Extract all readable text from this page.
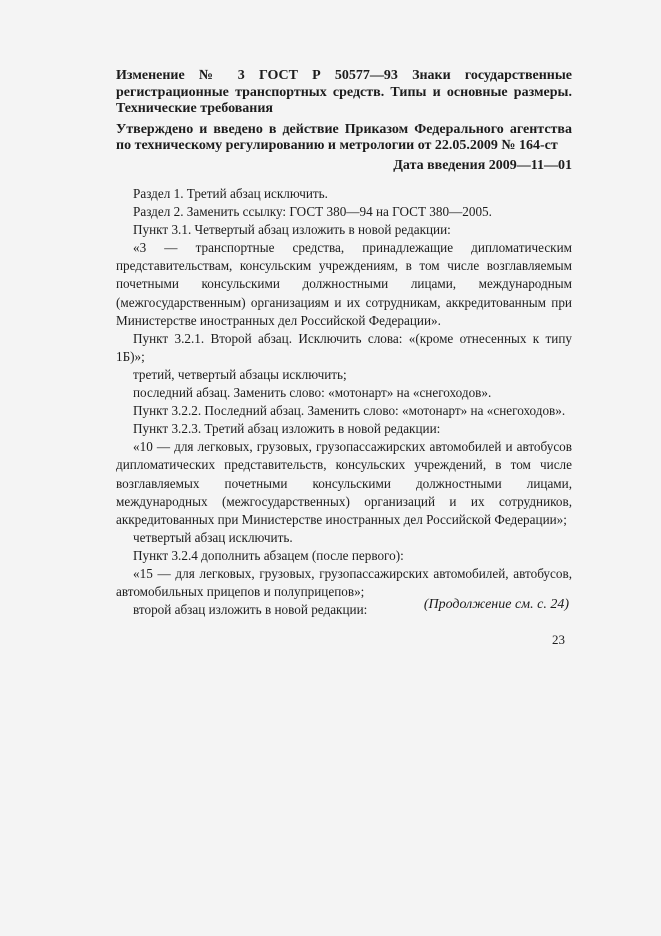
Изменение № 3 ГОСТ Р 50577—93 Знаки государственные регистрационные транспортных средств. Типы и основные размеры. Технические требования

Утверждено и введено в действие Приказом Федерального агентства по техническому регулированию и метрологии от 22.05.2009 № 164-ст

Дата введения 2009—11—01

Раздел 1. Третий абзац исключить.

Раздел 2. Заменить ссылку: ГОСТ 380—94 на ГОСТ 380—2005.

Пункт 3.1. Четвертый абзац изложить в новой редакции:

«3 — транспортные средства, принадлежащие дипломатическим представительствам, консульским учреждениям, в том числе возглавляемым почетными консульскими должностными лицами, международным (межгосударственным) организациям и их сотрудникам, аккредитованным при Министерстве иностранных дел Российской Федерации».

Пункт 3.2.1. Второй абзац. Исключить слова: «(кроме отнесенных к типу 1Б)»;

третий, четвертый абзацы исключить;

последний абзац. Заменить слово: «мотонарт» на «снегоходов».

Пункт 3.2.2. Последний абзац. Заменить слово: «мотонарт» на «снегоходов».

Пункт 3.2.3. Третий абзац изложить в новой редакции:

«10 — для легковых, грузовых, грузопассажирских автомобилей и автобусов дипломатических представительств, консульских учреждений, в том числе возглавляемых почетными консульскими должностными лицами, международных (межгосударственных) организаций и их сотрудников, аккредитованных при Министерстве иностранных дел Российской Федерации»;

четвертый абзац исключить.

Пункт 3.2.4 дополнить абзацем (после первого):

«15 — для легковых, грузовых, грузопассажирских автомобилей, автобусов, автомобильных прицепов и полуприцепов»;

второй абзац изложить в новой редакции:	(Продолжение см. с. 24)
23
